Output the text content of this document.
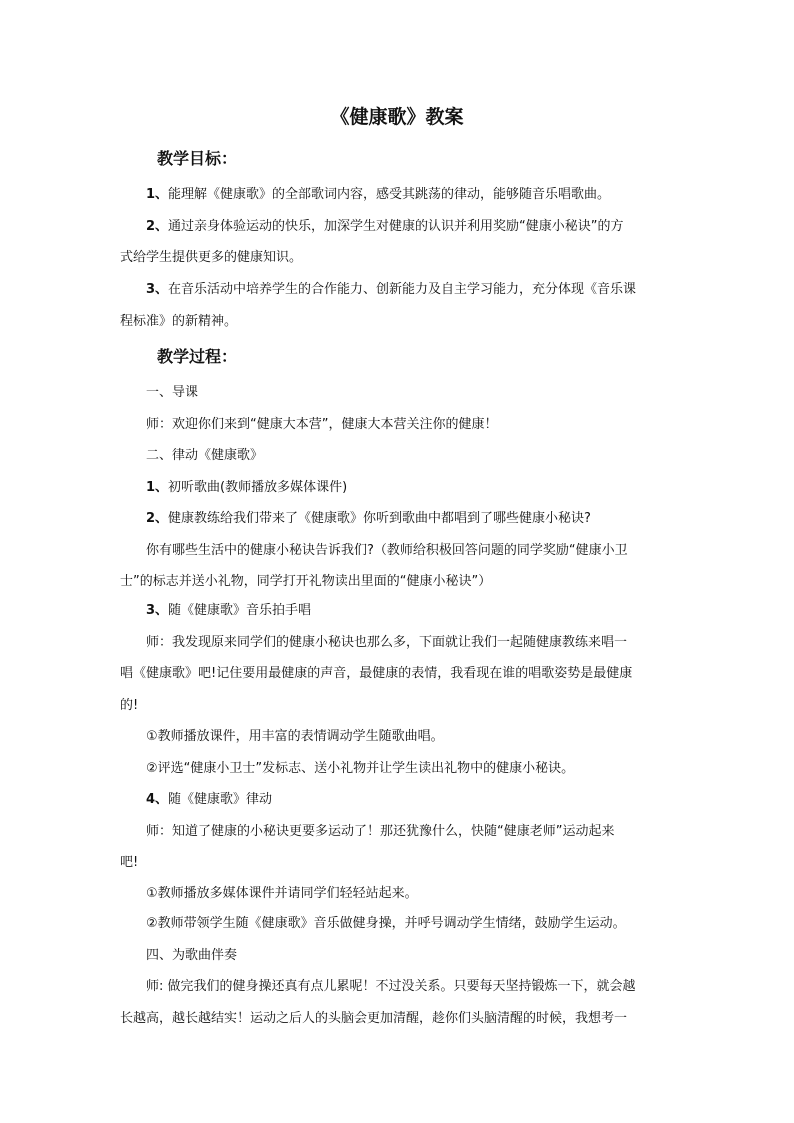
《健康歌》教案
教学目标：
1、能理解《健康歌》的全部歌词内容，感受其跳荡的律动，能够随音乐唱歌曲。
2、通过亲身体验运动的快乐，加深学生对健康的认识并利用奖励“健康小秘诀”的方
式给学生提供更多的健康知识。
3、在音乐活动中培养学生的合作能力、创新能力及自主学习能力，充分体现《音乐课
程标准》的新精神。
教学过程：
一、导课
师：欢迎你们来到“健康大本营”，健康大本营关注你的健康！
二、律动《健康歌》
1、初听歌曲(教师播放多媒体课件)
2、健康教练给我们带来了《健康歌》你听到歌曲中都唱到了哪些健康小秘诀?
你有哪些生活中的健康小秘诀告诉我们?（教师给积极回答问题的同学奖励“健康小卫
士”的标志并送小礼物，同学打开礼物读出里面的“健康小秘诀”）
3、随《健康歌》音乐拍手唱
师：我发现原来同学们的健康小秘诀也那么多，下面就让我们一起随健康教练来唱一
唱《健康歌》吧!记住要用最健康的声音，最健康的表情，我看现在谁的唱歌姿势是最健康
的!
①教师播放课件，用丰富的表情调动学生随歌曲唱。
②评选“健康小卫士”发标志、送小礼物并让学生读出礼物中的健康小秘诀。
4、随《健康歌》律动
师：知道了健康的小秘诀更要多运动了！那还犹豫什么，快随“健康老师”运动起来
吧!
①教师播放多媒体课件并请同学们轻轻站起来。
②教师带领学生随《健康歌》音乐做健身操，并呼号调动学生情绪，鼓励学生运动。
四、为歌曲伴奏
师: 做完我们的健身操还真有点儿累呢！不过没关系。只要每天坚持锻炼一下，就会越
长越高，越长越结实！运动之后人的头脑会更加清醒，趁你们头脑清醒的时候，我想考一
